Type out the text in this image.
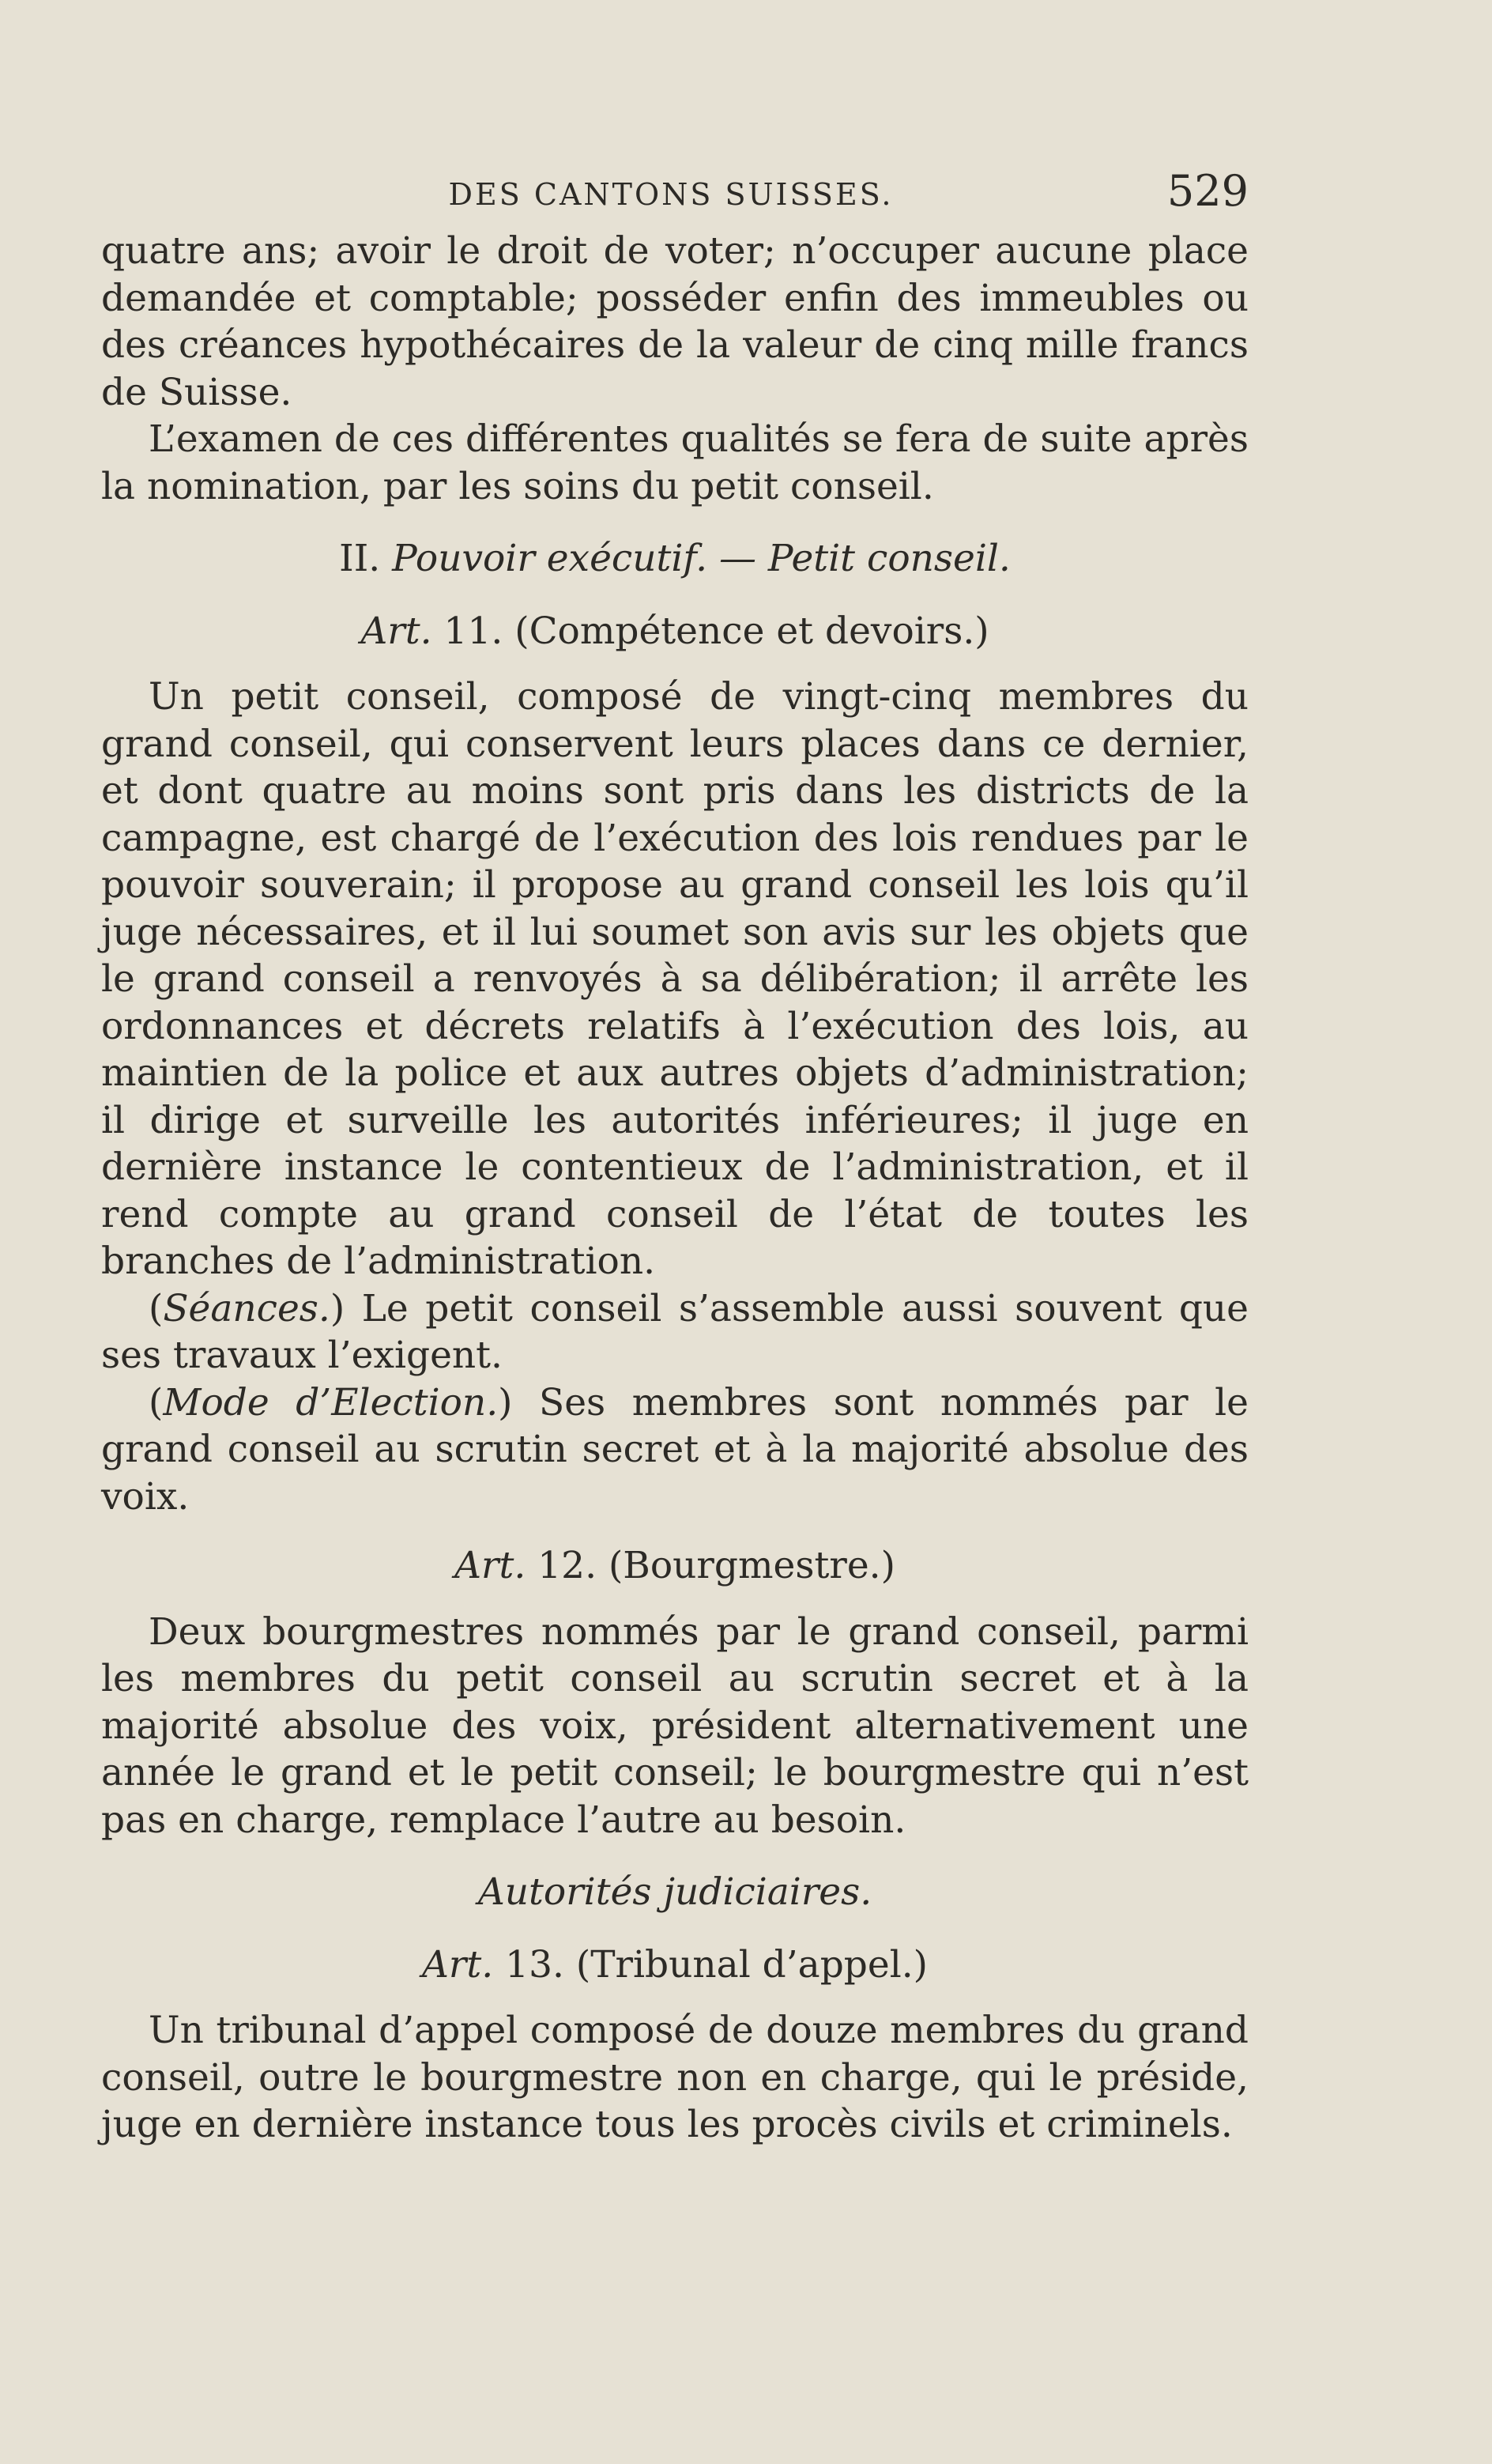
DES CANTONS SUISSES.	529

quatre ans; avoir le droit de voter; n’occuper aucune place demandée et comptable; posséder enfin des immeubles ou des créances hypothécaires de la valeur de cinq mille francs de Suisse.

L’examen de ces différentes qualités se fera de suite après la nomination, par les soins du petit conseil.

II. Pouvoir exécutif. — Petit conseil.
Art. 11. (Compétence et devoirs.)

Un petit conseil, composé de vingt-cinq membres du grand conseil, qui conservent leurs places dans ce dernier, et dont quatre au moins sont pris dans les districts de la campagne, est chargé de l’exécution des lois rendues par le pouvoir souverain; il propose au grand conseil les lois qu’il juge nécessaires, et il lui soumet son avis sur les objets que le grand conseil a renvoyés à sa délibération; il arrête les ordonnances et décrets relatifs à l’exécution des lois, au maintien de la police et aux autres objets d’administration; il dirige et surveille les autorités inférieures; il juge en dernière instance le contentieux de l’administration, et il rend compte au grand conseil de l’état de toutes les branches de l’administration.

(Séances.) Le petit conseil s’assemble aussi souvent que ses travaux l’exigent.

(Mode d’Election.) Ses membres sont nommés par le grand conseil au scrutin secret et à la majorité absolue des voix.

Art. 12. (Bourgmestre.)

Deux bourgmestres nommés par le grand conseil, parmi les membres du petit conseil au scrutin secret et à la majorité absolue des voix, président alternativement une année le grand et le petit conseil; le bourgmestre qui n’est pas en charge, remplace l’autre au besoin.

Autorités judiciaires.
Art. 13. (Tribunal d’appel.)

Un tribunal d’appel composé de douze membres du grand conseil, outre le bourgmestre non en charge, qui le préside, juge en dernière instance tous les procès civils et criminels.
